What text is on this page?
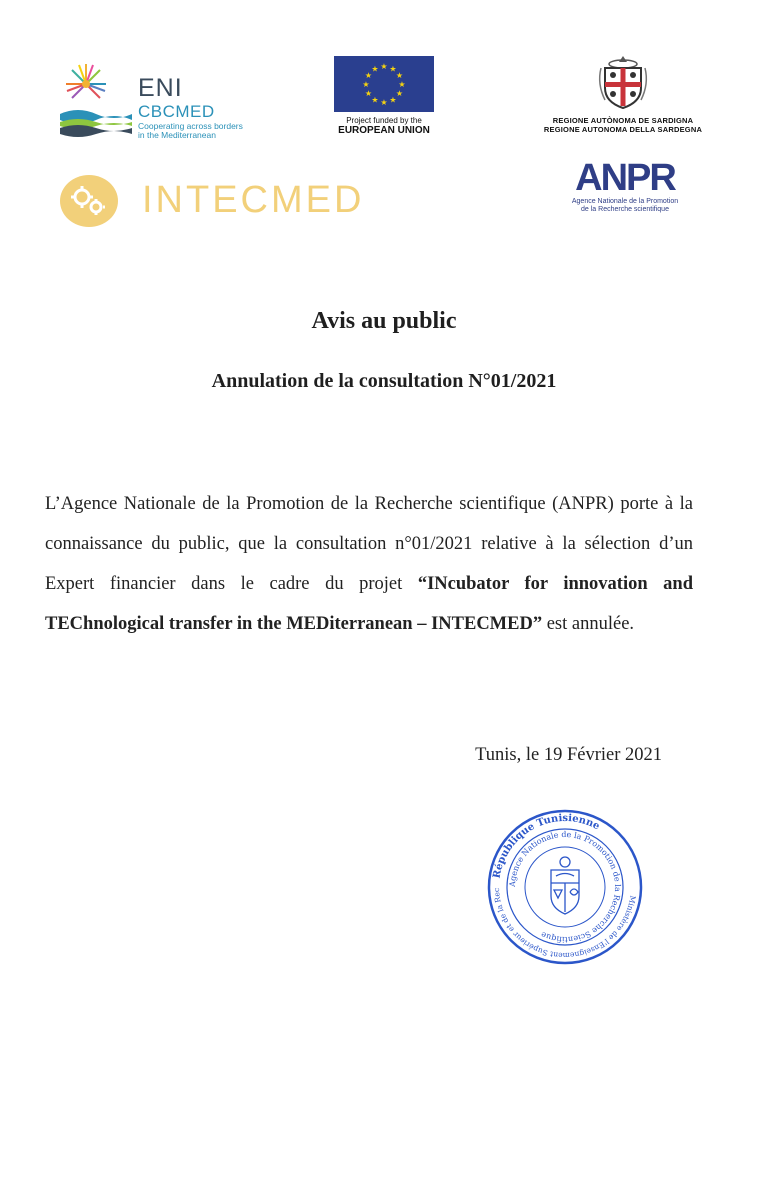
ENI
CBCMED
Cooperating across borders
in the Mediterranean
★ ★
★
★
★
★
★
★
★
★
★
★
Project funded by the
EUROPEAN UNION
REGIONE AUTÒNOMA DE SARDIGNA
REGIONE AUTONOMA DELLA SARDEGNA
INTECMED
ANPR
Agence Nationale de la Promotion
de la Recherche scientifique
Avis au public
Annulation de la consultation N°01/2021
L’Agence Nationale de la Promotion de la Recherche scientifique (ANPR) porte à la connaissance du public, que la consultation n°01/2021 relative à la sélection d’un Expert financier dans le cadre du projet “INcubator for innovation and TEChnological transfer in the MEDiterranean – INTECMED” est annulée.
Tunis, le 19 Février 2021
République Tunisienne
Ministère de l'Enseignement Supérieur et de la Rec
Agence Nationale de la Promotion de la Recherche Scientifique
